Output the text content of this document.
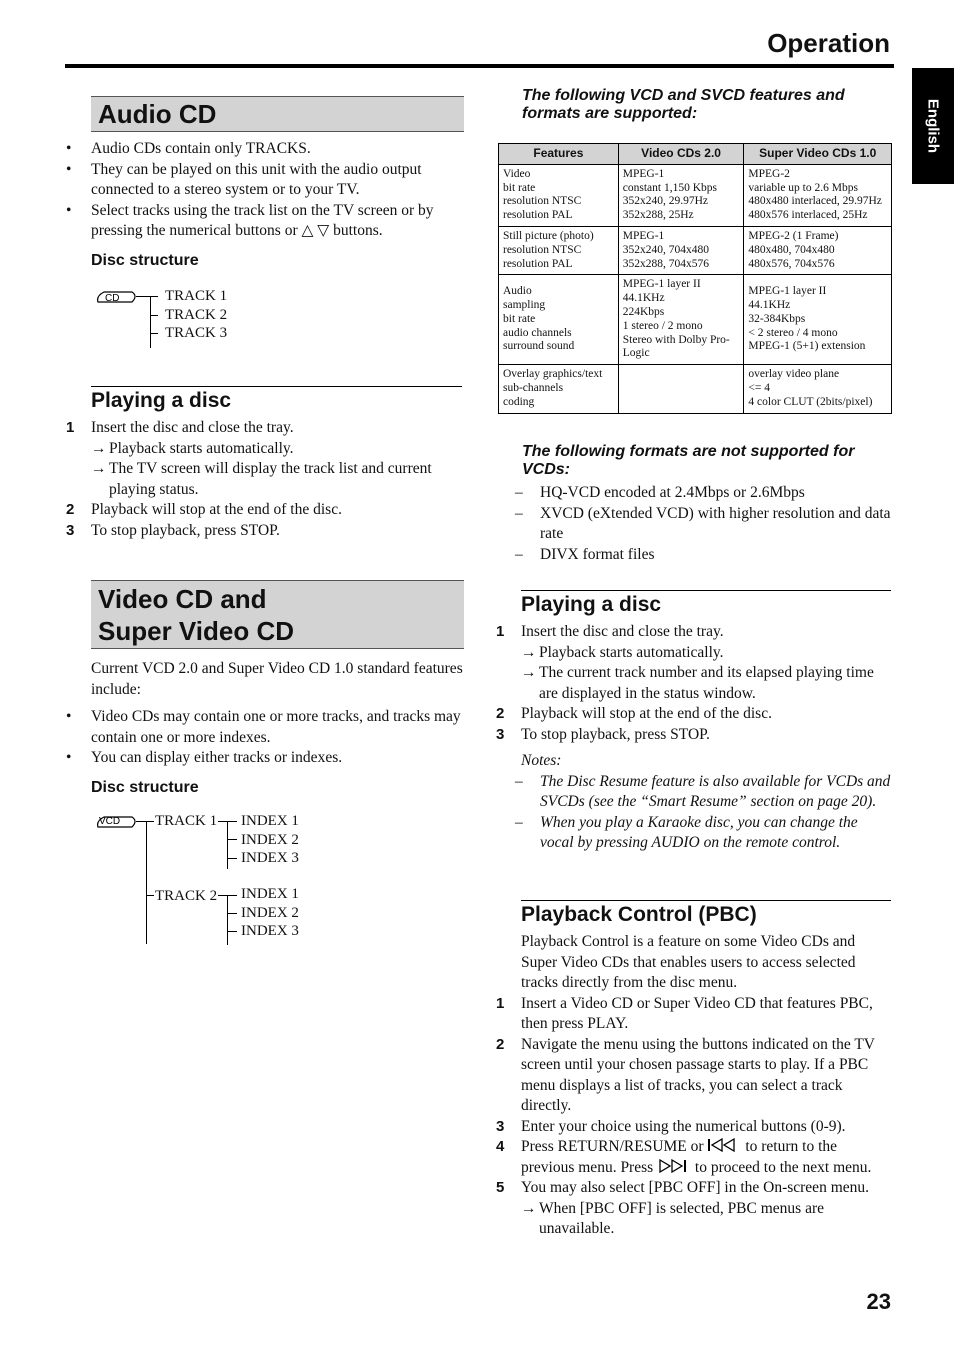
Operation
English
Audio CD
• Audio CDs contain only TRACKS.
• They can be played on this unit with the audio output connected to a stereo system or to your TV.
• Select tracks using the track list on the TV screen or by pressing the numerical buttons or △ ▽ buttons.
Disc structure
CD	TRACK 1
TRACK 2
TRACK 3
Playing a disc
1 Insert the disc and close the tray.
→ Playback starts automatically.
→ The TV screen will display the track list and current playing status.
2 Playback will stop at the end of the disc.
3 To stop playback, press STOP.
Video CD and
Super Video CD
Current VCD 2.0 and Super Video CD 1.0 standard features include:
• Video CDs may contain one or more tracks, and tracks may contain one or more indexes.
• You can display either tracks or indexes.
Disc structure
VCD TRACK 1
TRACK 2
INDEX 1
INDEX 2
INDEX 3
INDEX 1
INDEX 2
INDEX 3
The following VCD and SVCD features and formats are supported:
Features	Video CDs 2.0	Super Video CDs 1.0
Video
bit rate
resolution NTSC
resolution PAL	MPEG-1
constant 1,150 Kbps
352x240, 29.97Hz
352x288, 25Hz	MPEG-2
variable up to 2.6 Mbps
480x480 interlaced, 29.97Hz
480x576 interlaced, 25Hz
Still picture (photo)
resolution NTSC
resolution PAL	MPEG-1
352x240, 704x480
352x288, 704x576	MPEG-2 (1 Frame)
480x480, 704x480
480x576, 704x576
Audio
sampling
bit rate
audio channels
surround sound	MPEG-1 layer II
44.1KHz
224Kbps
1 stereo / 2 mono
Stereo with Dolby Pro-Logic	MPEG-1 layer II
44.1KHz
32-384Kbps
< 2 stereo / 4 mono
MPEG-1 (5+1) extension
Overlay graphics/text
sub-channels
coding		overlay video plane
<= 4
4 color CLUT (2bits/pixel)
The following formats are not supported for VCDs:
– HQ-VCD encoded at 2.4Mbps or 2.6Mbps
– XVCD (eXtended VCD) with higher resolution and data rate
– DIVX format files
Playing a disc
1 Insert the disc and close the tray.
→ Playback starts automatically.
→ The current track number and its elapsed playing time are displayed in the status window.
2 Playback will stop at the end of the disc.
3 To stop playback, press STOP.
Notes:
– The Disc Resume feature is also available for VCDs and SVCDs (see the “Smart Resume” section on page 20).
– When you play a Karaoke disc, you can change the vocal by pressing AUDIO on the remote control.
Playback Control (PBC)
Playback Control is a feature on some Video CDs and Super Video CDs that enables users to access selected tracks directly from the disc menu.
1 Insert a Video CD or Super Video CD that features PBC, then press PLAY.
2 Navigate the menu using the buttons indicated on the TV screen until your chosen passage starts to play. If a PBC menu displays a list of tracks, you can select a track directly.
3 Enter your choice using the numerical buttons (0-9).
4 Press RETURN/RESUME or	to return to the previous menu. Press	to proceed to the next menu.
5 You may also select [PBC OFF] in the On-screen menu.
→ When [PBC OFF] is selected, PBC menus are unavailable.
23
